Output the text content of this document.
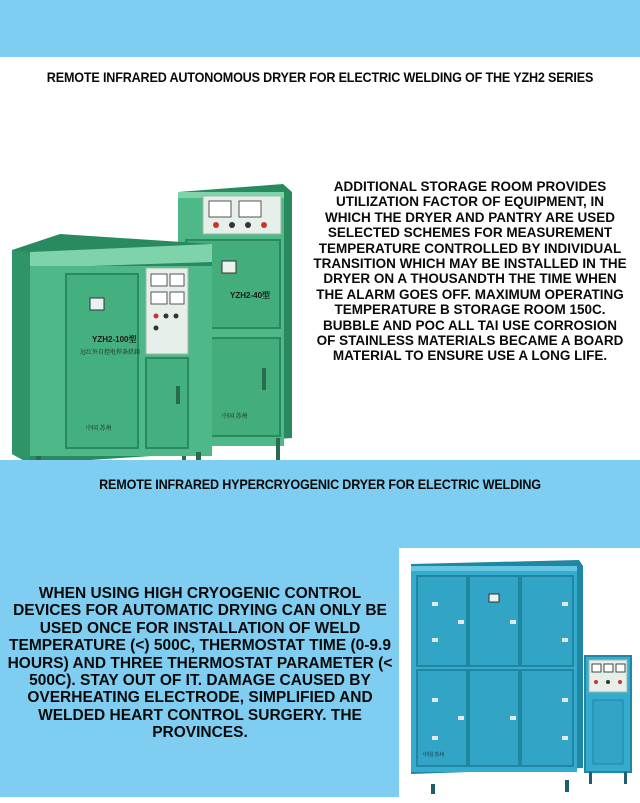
REMOTE INFRARED AUTONOMOUS DRYER FOR ELECTRIC WELDING OF THE YZH2 SERIES
YZH2-100型
远红外自控电焊条烘箱
中国 苏州
YZH2-40型
中国 苏州
ADDITIONAL STORAGE ROOM PROVIDES UTILIZATION FACTOR OF EQUIPMENT, IN WHICH THE DRYER AND PANTRY ARE USED SELECTED SCHEMES FOR MEASUREMENT TEMPERATURE CONTROLLED BY INDIVIDUAL TRANSITION WHICH MAY BE INSTALLED IN THE DRYER ON A THOUSANDTH THE TIME WHEN THE ALARM GOES OFF. MAXIMUM OPERATING TEMPERATURE B STORAGE ROOM 150C. BUBBLE AND POC ALL TAI USE CORROSION OF STAINLESS MATERIALS BECAME A BOARD MATERIAL TO ENSURE USE A LONG LIFE.
REMOTE INFRARED HYPERCRYOGENIC DRYER FOR ELECTRIC WELDING
WHEN USING HIGH CRYOGENIC CONTROL DEVICES FOR AUTOMATIC DRYING CAN ONLY BE USED ONCE FOR INSTALLATION OF WELD TEMPERATURE (<) 500C, THERMOSTAT TIME (0-9.9 HOURS) AND THREE THERMOSTAT PARAMETER (< 500C). STAY OUT OF IT. DAMAGE CAUSED BY OVERHEATING ELECTRODE, SIMPLIFIED AND WELDED HEART CONTROL SURGERY. THE PROVINCES.
中国 苏州
